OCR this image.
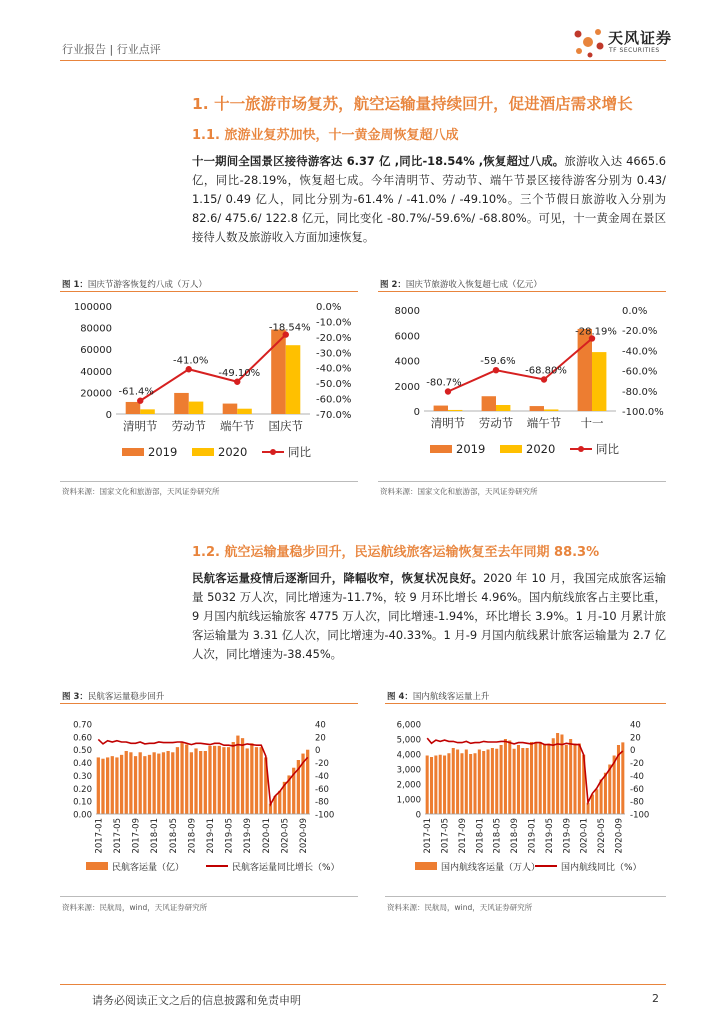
行业报告 | 行业点评
天风证券
TF SECURITIES
1. 十一旅游市场复苏，航空运输量持续回升，促进酒店需求增长
1.1. 旅游业复苏加快，十一黄金周恢复超八成
十一期间全国景区接待游客达 6.37 亿 ,同比-18.54% ,恢复超过八成。旅游收入达 4665.6 亿，同比-28.19%，恢复超七成。今年清明节、劳动节、端午节景区接待游客分别为 0.43/ 1.15/ 0.49 亿人，同比分别为-61.4% / -41.0% / -49.10%。三个节假日旅游收入分别为 82.6/ 475.6/ 122.8 亿元，同比变化 -80.7%/-59.6%/ -68.80%。可见，十一黄金周在景区接待人数及旅游收入方面加速恢复。
图 1：国庆节游客恢复约八成（万人）	图 2：国庆节旅游收入恢复超七成（亿元）
0
20000
40000
60000
80000
100000	0.0%
-10.0%
-20.0%
-30.0%
-40.0%
-50.0%
-60.0%
-70.0%
清明节 劳动节 端午节 国庆节
-61.4%
-41.0%
-49.10%
-18.54%
2019	2020	同比
0
2000
4000
6000
8000	0.0%
-20.0%
-40.0%
-60.0%
-80.0%
-100.0%
清明节 劳动节 端午节 十一
-80.7%
-59.6%
-68.80%
-28.19%
2019	2020	同比
资料来源：国家文化和旅游部，天风证券研究所	资料来源：国家文化和旅游部，天风证券研究所
1.2. 航空运输量稳步回升，民运航线旅客运输恢复至去年同期 88.3%
民航客运量疫情后逐渐回升，降幅收窄，恢复状况良好。2020 年 10 月，我国完成旅客运输量 5032 万人次，同比增速为-11.7%，较 9 月环比增长 4.96%。国内航线旅客占主要比重，9 月国内航线运输旅客 4775 万人次，同比增速-1.94%，环比增长 3.9%。1 月-10 月累计旅客运输量为 3.31 亿人次，同比增速为-40.33%。1 月-9 月国内航线累计旅客运输量为 2.7 亿人次，同比增速为-38.45%。
图 3：民航客运量稳步回升	图 4：国内航线客运量上升
0.00
0.10
0.20
0.30
0.40
0.50
0.60
0.70	40
20
0
-20
-40
-60
-80
-100
2017-01 2017-05 2017-09 2018-01 2018-05 2018-09 2019-01 2019-05 2019-09 2020-01 2020-05 2020-09
民航客运量（亿）	民航客运量同比增长（%）
0
1,000
2,000
3,000
4,000
5,000
6,000	40
20
0
-20
-40
-60
-80
-100
2017-01 2017-05 2017-09 2018-01 2018-05 2018-09 2019-01 2019-05 2019-09 2020-01 2020-05 2020-09
国内航线客运量（万人） 国内航线同比（%）
资料来源：民航局，wind，天风证券研究所	资料来源：民航局，wind，天风证券研究所
请务必阅读正文之后的信息披露和免责申明	2
